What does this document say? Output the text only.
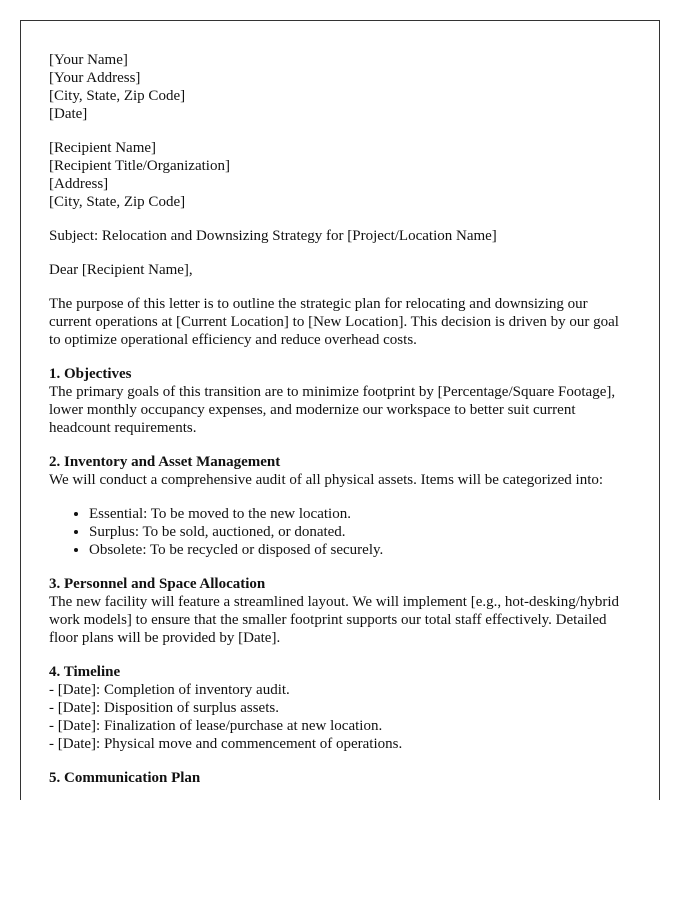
[Your Name]
[Your Address]
[City, State, Zip Code]
[Date]
[Recipient Name]
[Recipient Title/Organization]
[Address]
[City, State, Zip Code]

Subject: Relocation and Downsizing Strategy for [Project/Location Name]

Dear [Recipient Name],

The purpose of this letter is to outline the strategic plan for relocating and downsizing our current operations at [Current Location] to [New Location]. This decision is driven by our goal to optimize operational efficiency and reduce overhead costs.

1. Objectives
The primary goals of this transition are to minimize footprint by [Percentage/Square Footage], lower monthly occupancy expenses, and modernize our workspace to better suit current headcount requirements.
2. Inventory and Asset Management
We will conduct a comprehensive audit of all physical assets. Items will be categorized into:
• Essential: To be moved to the new location.
• Surplus: To be sold, auctioned, or donated.
• Obsolete: To be recycled or disposed of securely.
3. Personnel and Space Allocation
The new facility will feature a streamlined layout. We will implement [e.g., hot-desking/hybrid work models] to ensure that the smaller footprint supports our total staff effectively. Detailed floor plans will be provided by [Date].
4. Timeline
- [Date]: Completion of inventory audit.
- [Date]: Disposition of surplus assets.
- [Date]: Finalization of lease/purchase at new location.
- [Date]: Physical move and commencement of operations.
5. Communication Plan
